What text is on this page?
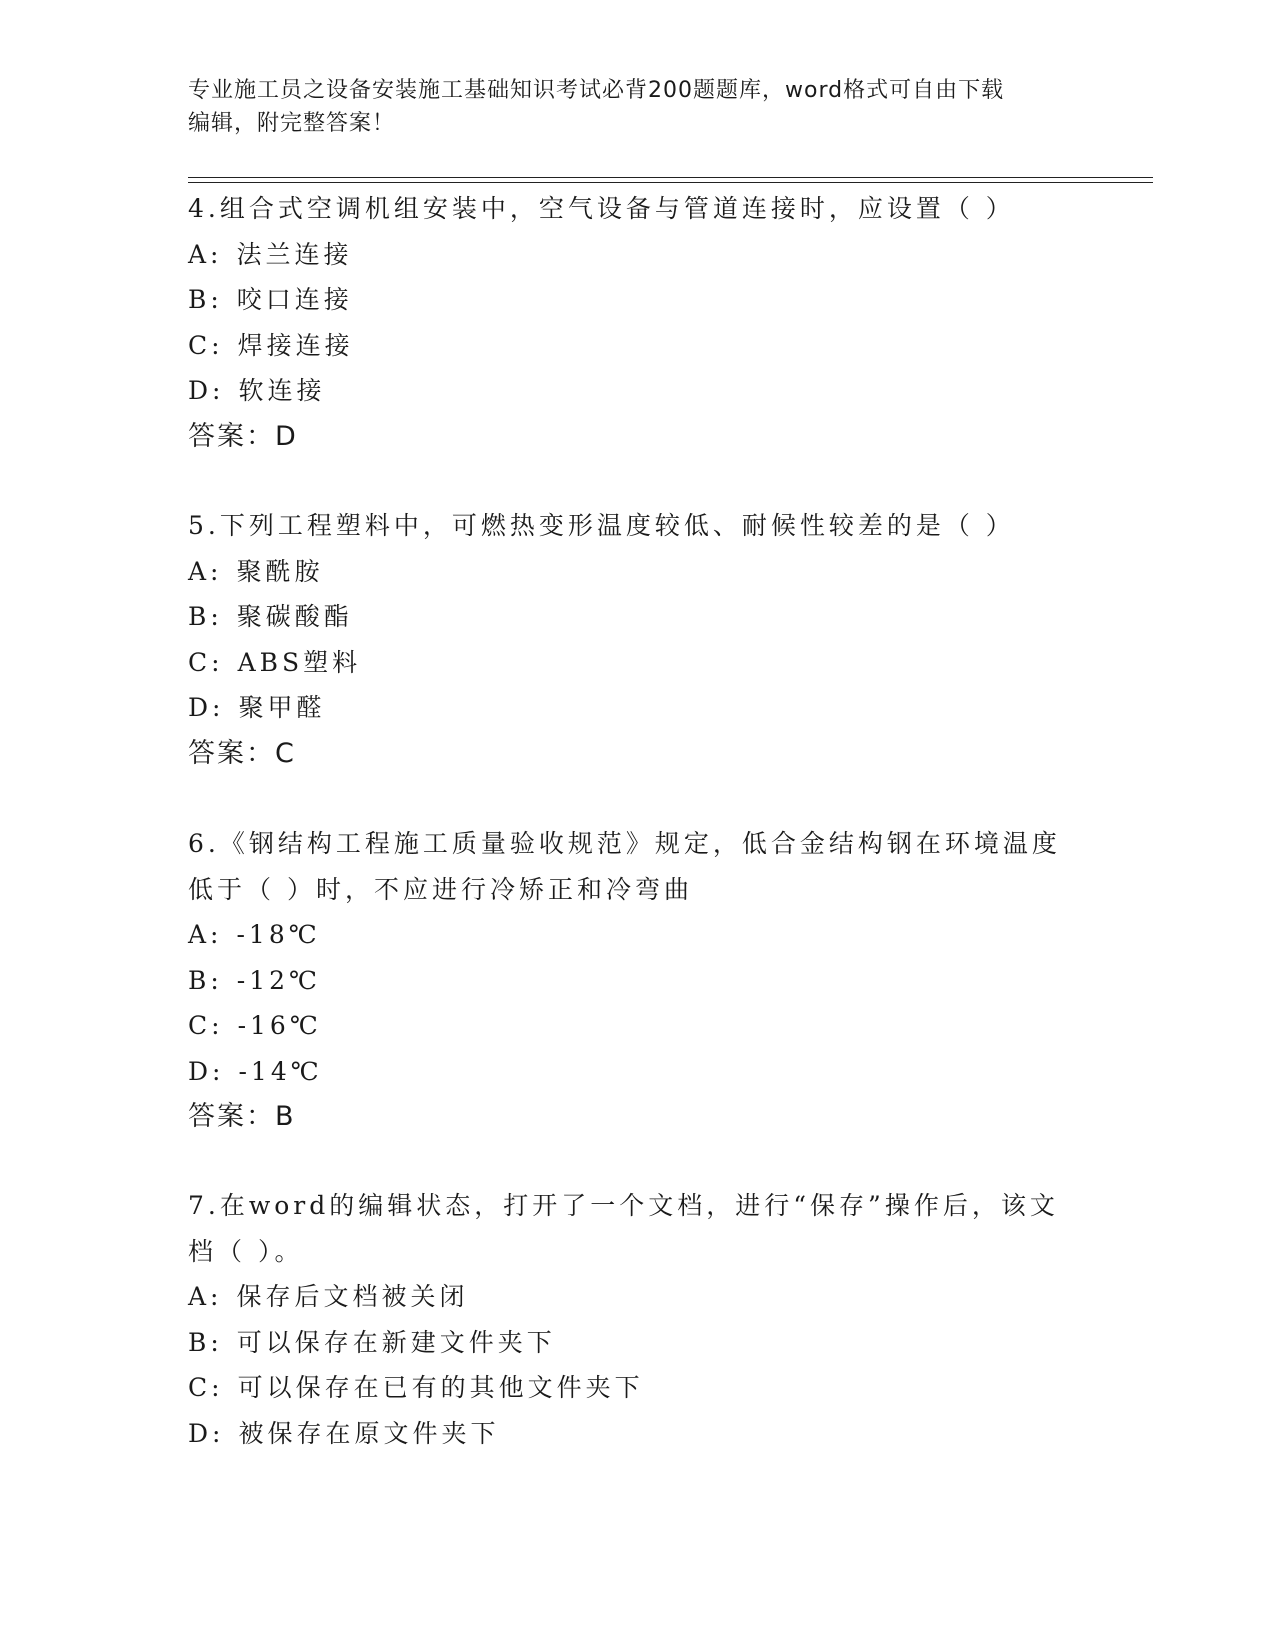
专业施工员之设备安装施工基础知识考试必背200题题库，word格式可自由下载
编辑，附完整答案！
4.组合式空调机组安装中，空气设备与管道连接时，应设置（ ）
A: 法兰连接
B: 咬口连接
C: 焊接连接
D: 软连接
答案：D
5.下列工程塑料中，可燃热变形温度较低、耐候性较差的是（ ）
A: 聚酰胺
B: 聚碳酸酯
C: ABS塑料
D: 聚甲醛
答案：C
6.《钢结构工程施工质量验收规范》规定，低合金结构钢在环境温度
低于（ ）时，不应进行冷矫正和冷弯曲
A: -18℃
B: -12℃
C: -16℃
D: -14℃
答案：B
7.在word的编辑状态，打开了一个文档，进行“保存”操作后，该文
档（ ）。
A: 保存后文档被关闭
B: 可以保存在新建文件夹下
C: 可以保存在已有的其他文件夹下
D: 被保存在原文件夹下
